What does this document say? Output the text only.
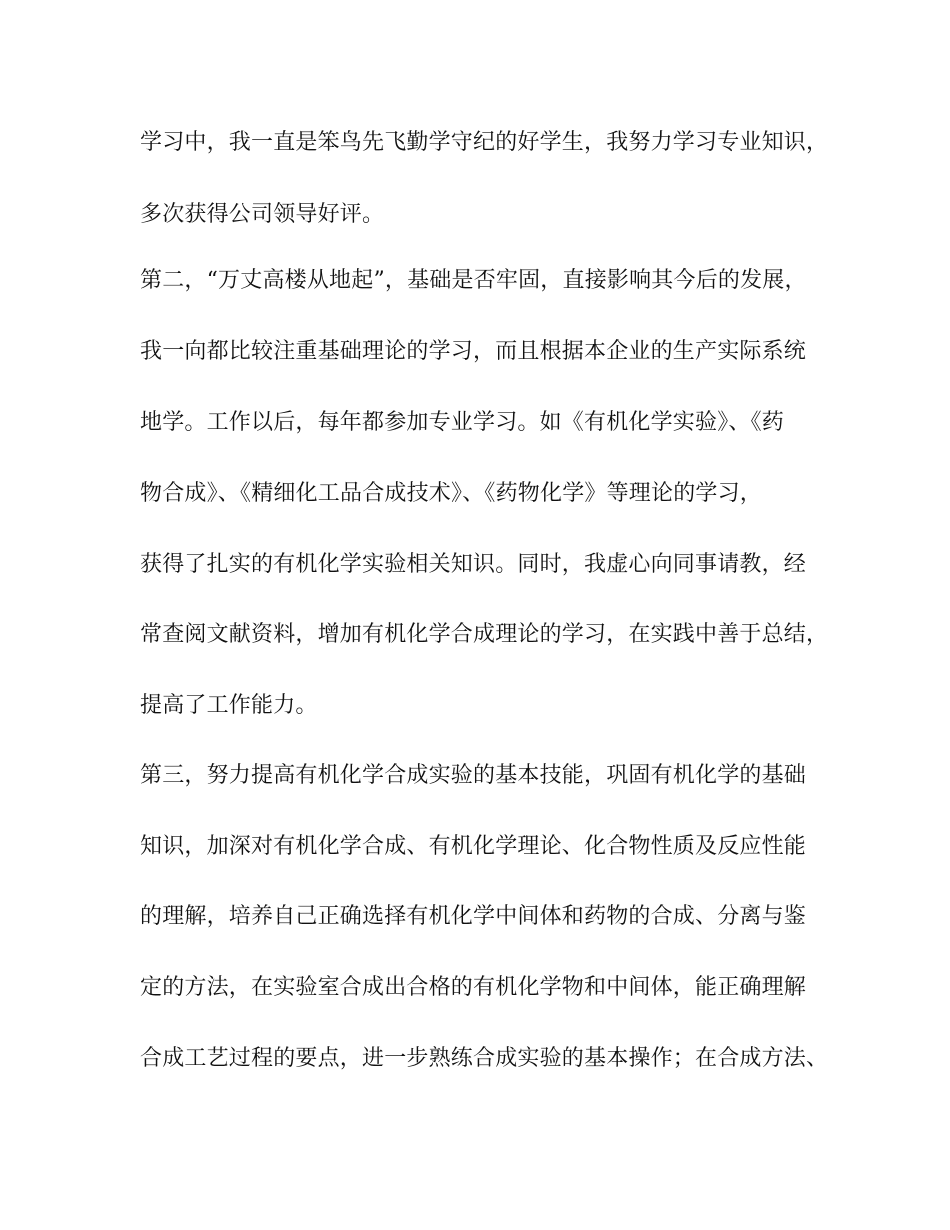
学习中，我一直是笨鸟先飞勤学守纪的好学生，我努力学习专业知识，
多次获得公司领导好评。
第二，“万丈高楼从地起”，基础是否牢固，直接影响其今后的发展，
我一向都比较注重基础理论的学习，而且根据本企业的生产实际系统
地学。工作以后，每年都参加专业学习。如《有机化学实验》、《药
物合成》、《精细化工品合成技术》、《药物化学》等理论的学习，
获得了扎实的有机化学实验相关知识。同时，我虚心向同事请教，经
常查阅文献资料，增加有机化学合成理论的学习，在实践中善于总结，
提高了工作能力。
第三，努力提高有机化学合成实验的基本技能，巩固有机化学的基础
知识，加深对有机化学合成、有机化学理论、化合物性质及反应性能
的理解，培养自己正确选择有机化学中间体和药物的合成、分离与鉴
定的方法，在实验室合成出合格的有机化学物和中间体，能正确理解
合成工艺过程的要点，进一步熟练合成实验的基本操作；在合成方法、
